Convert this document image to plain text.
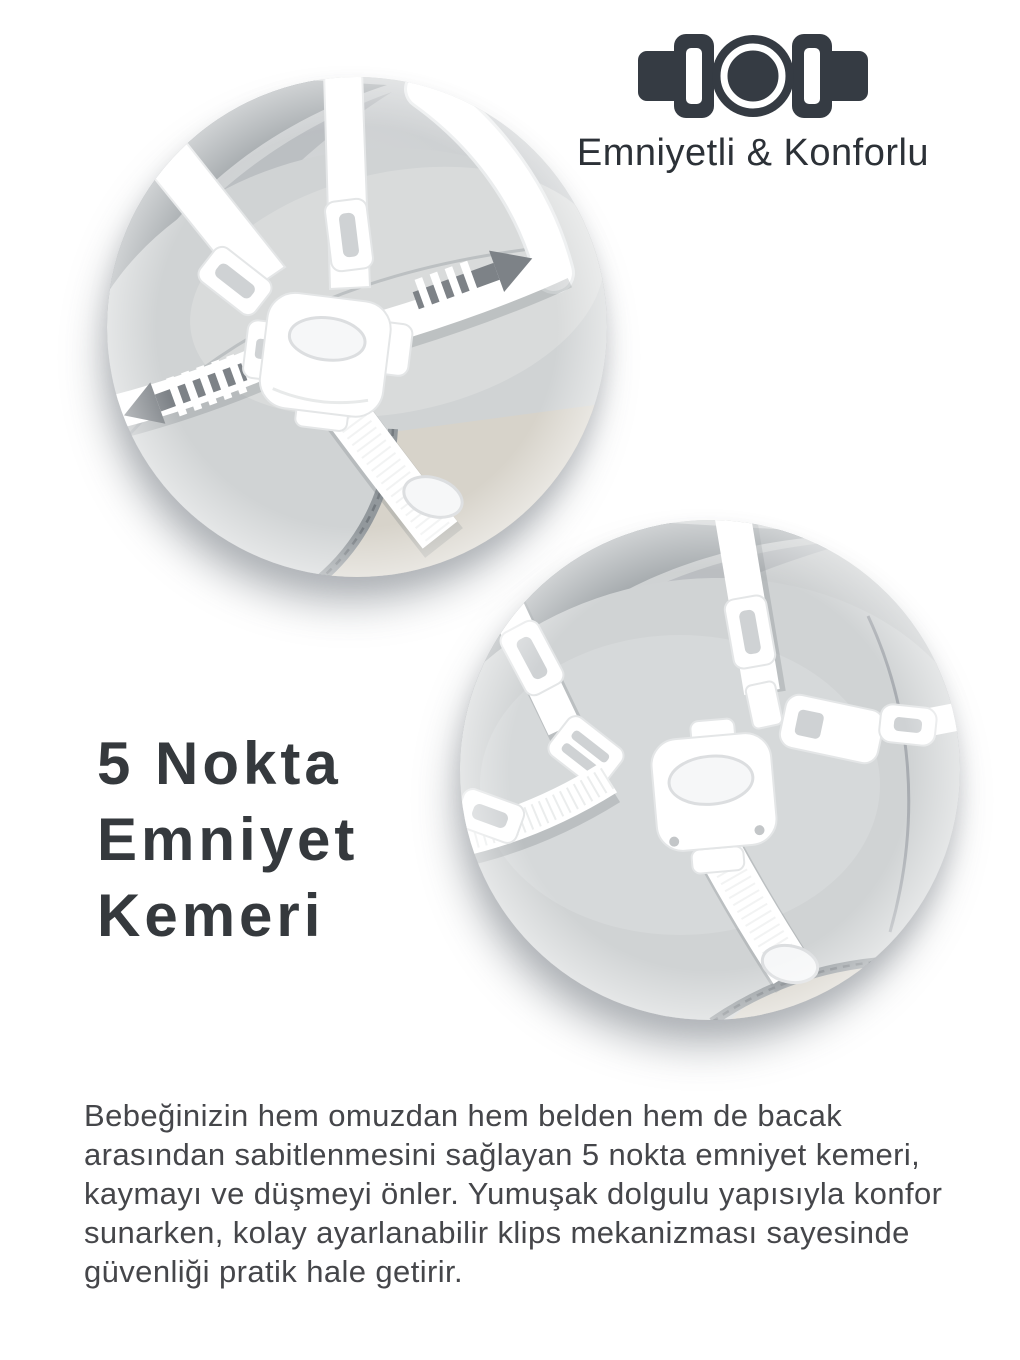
Emniyetli & Konforlu
5 Nokta
Emniyet
Kemeri

Bebeğinizin hem omuzdan hem belden hem de bacak
arasından sabitlenmesini sağlayan 5 nokta emniyet kemeri,
kaymayı ve düşmeyi önler. Yumuşak dolgulu yapısıyla konfor
sunarken, kolay ayarlanabilir klips mekanizması sayesinde
güvenliği pratik hale getirir.
